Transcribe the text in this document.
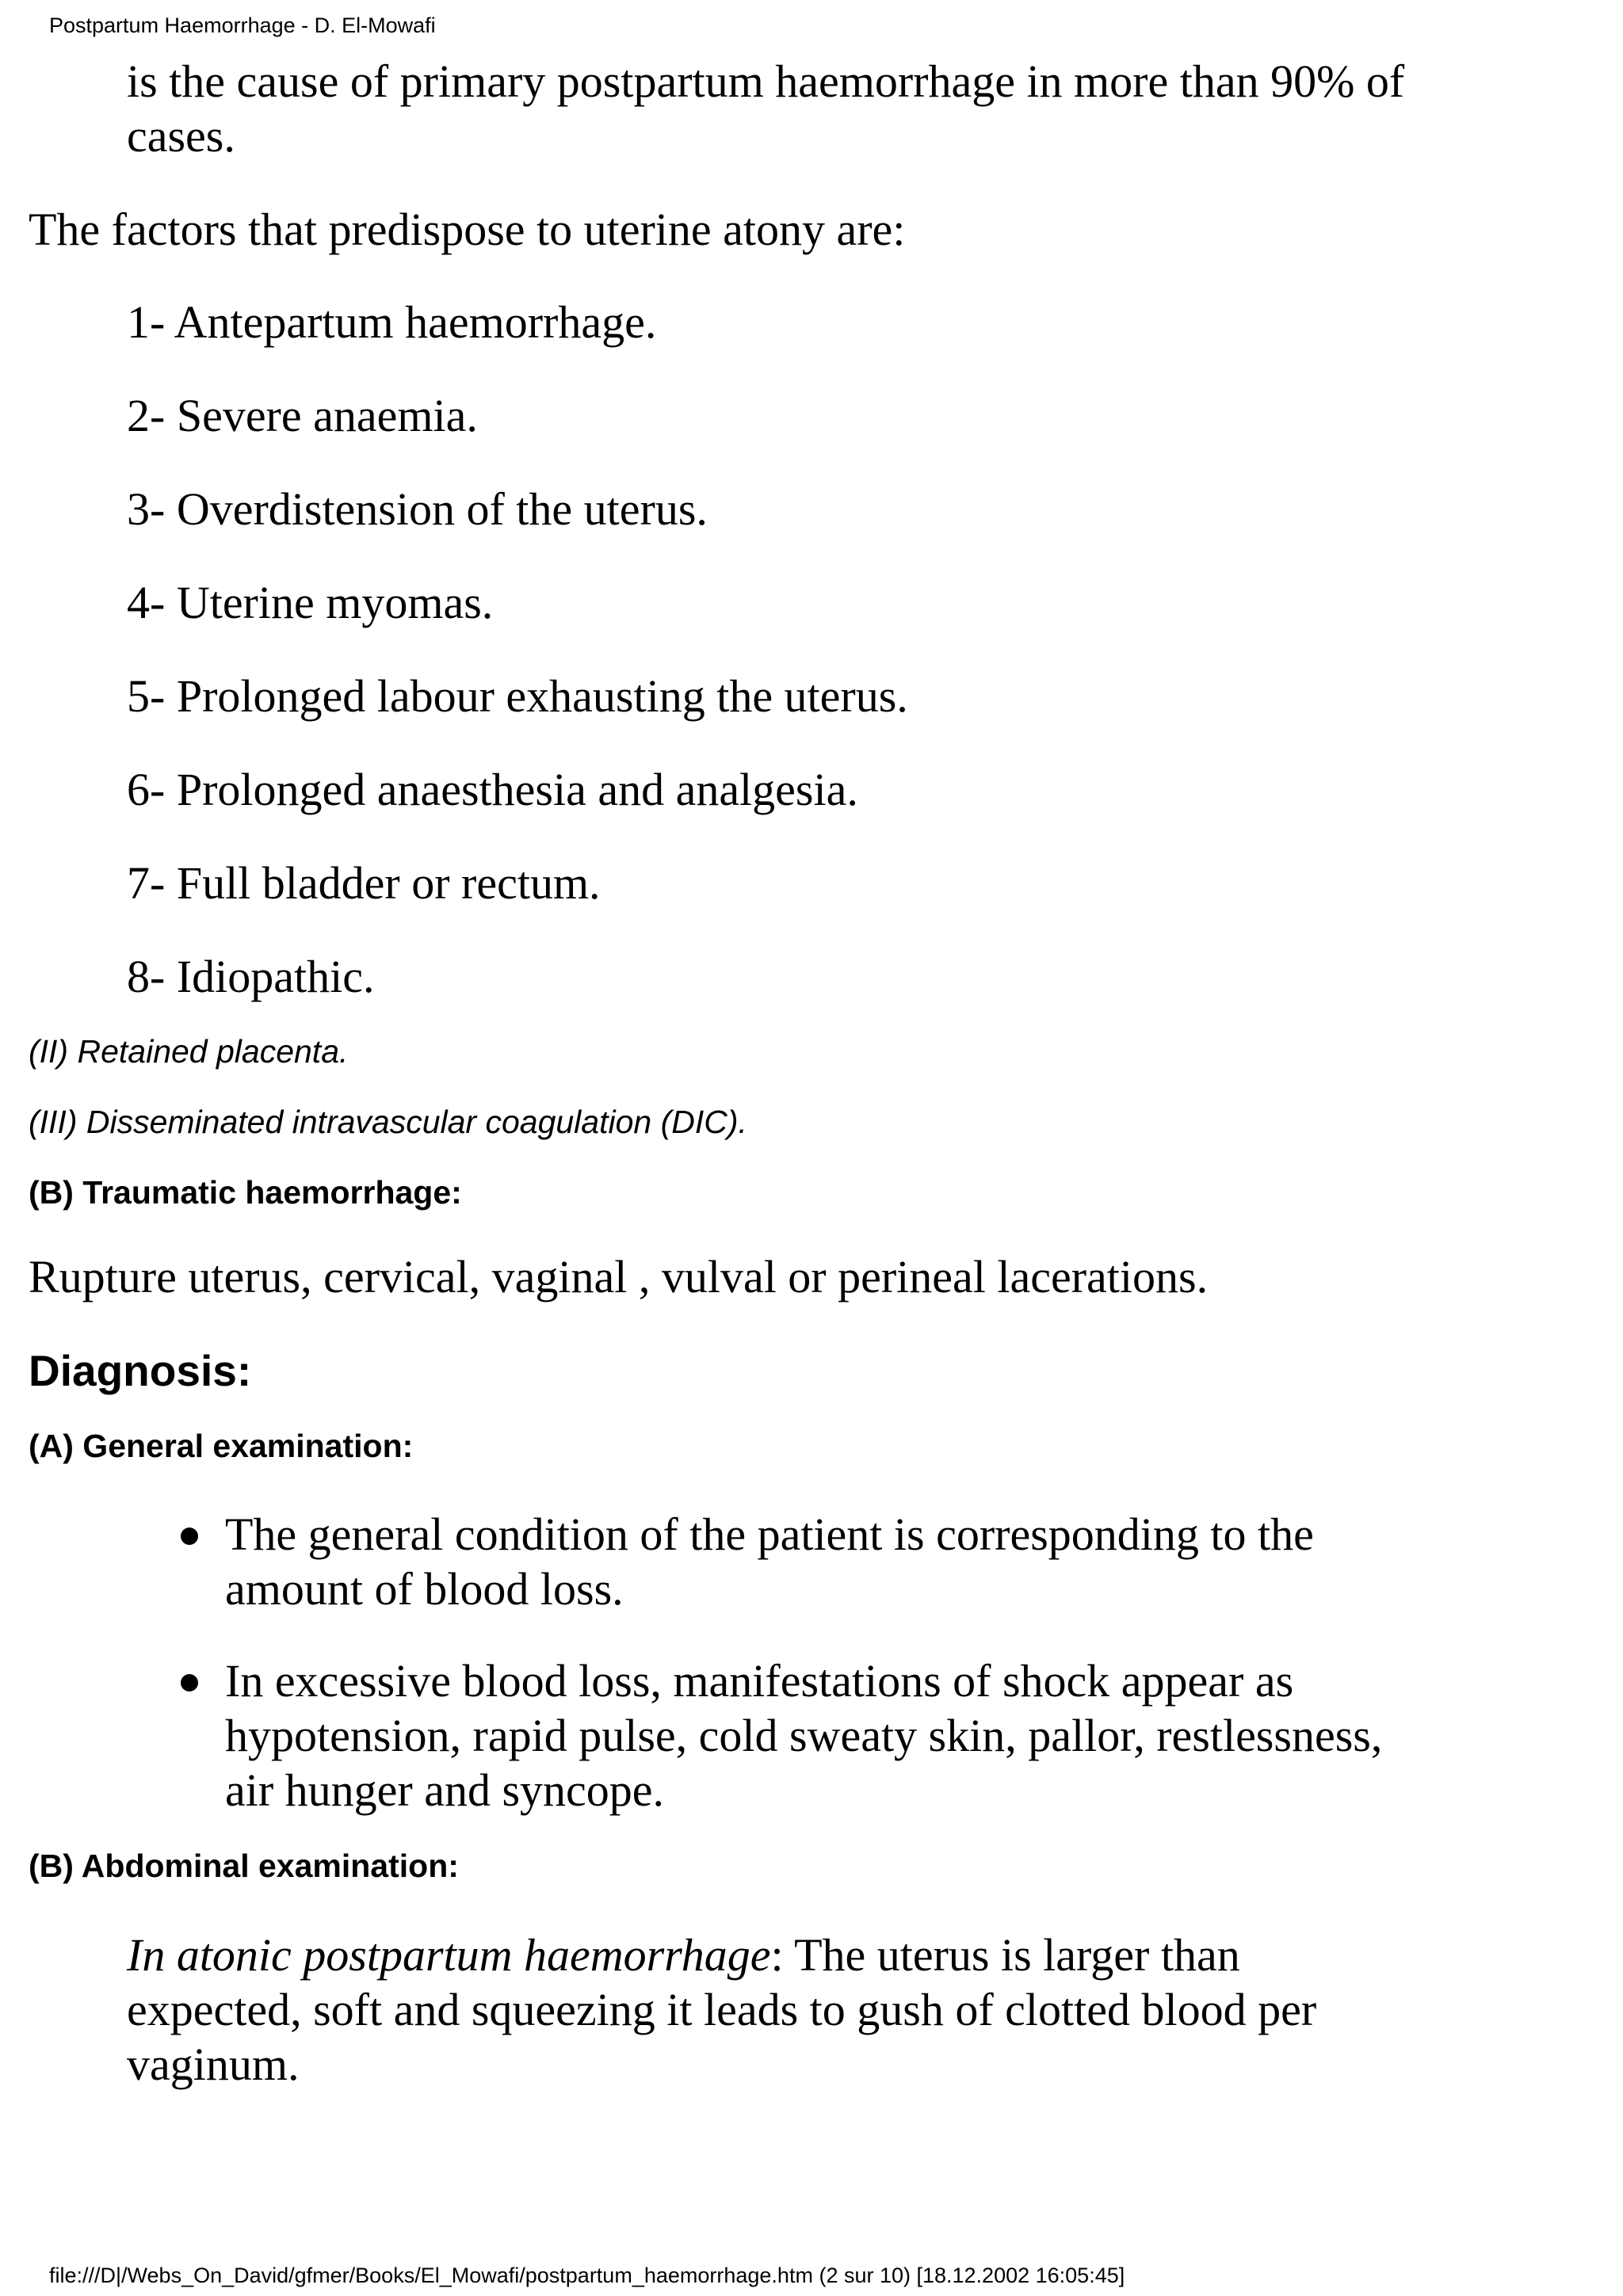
Postpartum Haemorrhage - D. El-Mowafi
is the cause of primary postpartum haemorrhage in more than 90% of
cases.
The factors that predispose to uterine atony are:
1- Antepartum haemorrhage.
2- Severe anaemia.
3- Overdistension of the uterus.
4- Uterine myomas.
5- Prolonged labour exhausting the uterus.
6- Prolonged anaesthesia and analgesia.
7- Full bladder or rectum.
8- Idiopathic.
(II) Retained placenta.
(III) Disseminated intravascular coagulation (DIC).
(B) Traumatic haemorrhage:
Rupture uterus, cervical, vaginal , vulval or perineal lacerations.
Diagnosis:
(A) General examination:
The general condition of the patient is corresponding to the
amount of blood loss.
In excessive blood loss, manifestations of shock appear as
hypotension, rapid pulse, cold sweaty skin, pallor, restlessness,
air hunger and syncope.
(B) Abdominal examination:
In atonic postpartum haemorrhage: The uterus is larger than
expected, soft and squeezing it leads to gush of clotted blood per
vaginum.
file:///D|/Webs_On_David/gfmer/Books/El_Mowafi/postpartum_haemorrhage.htm (2 sur 10) [18.12.2002 16:05:45]
